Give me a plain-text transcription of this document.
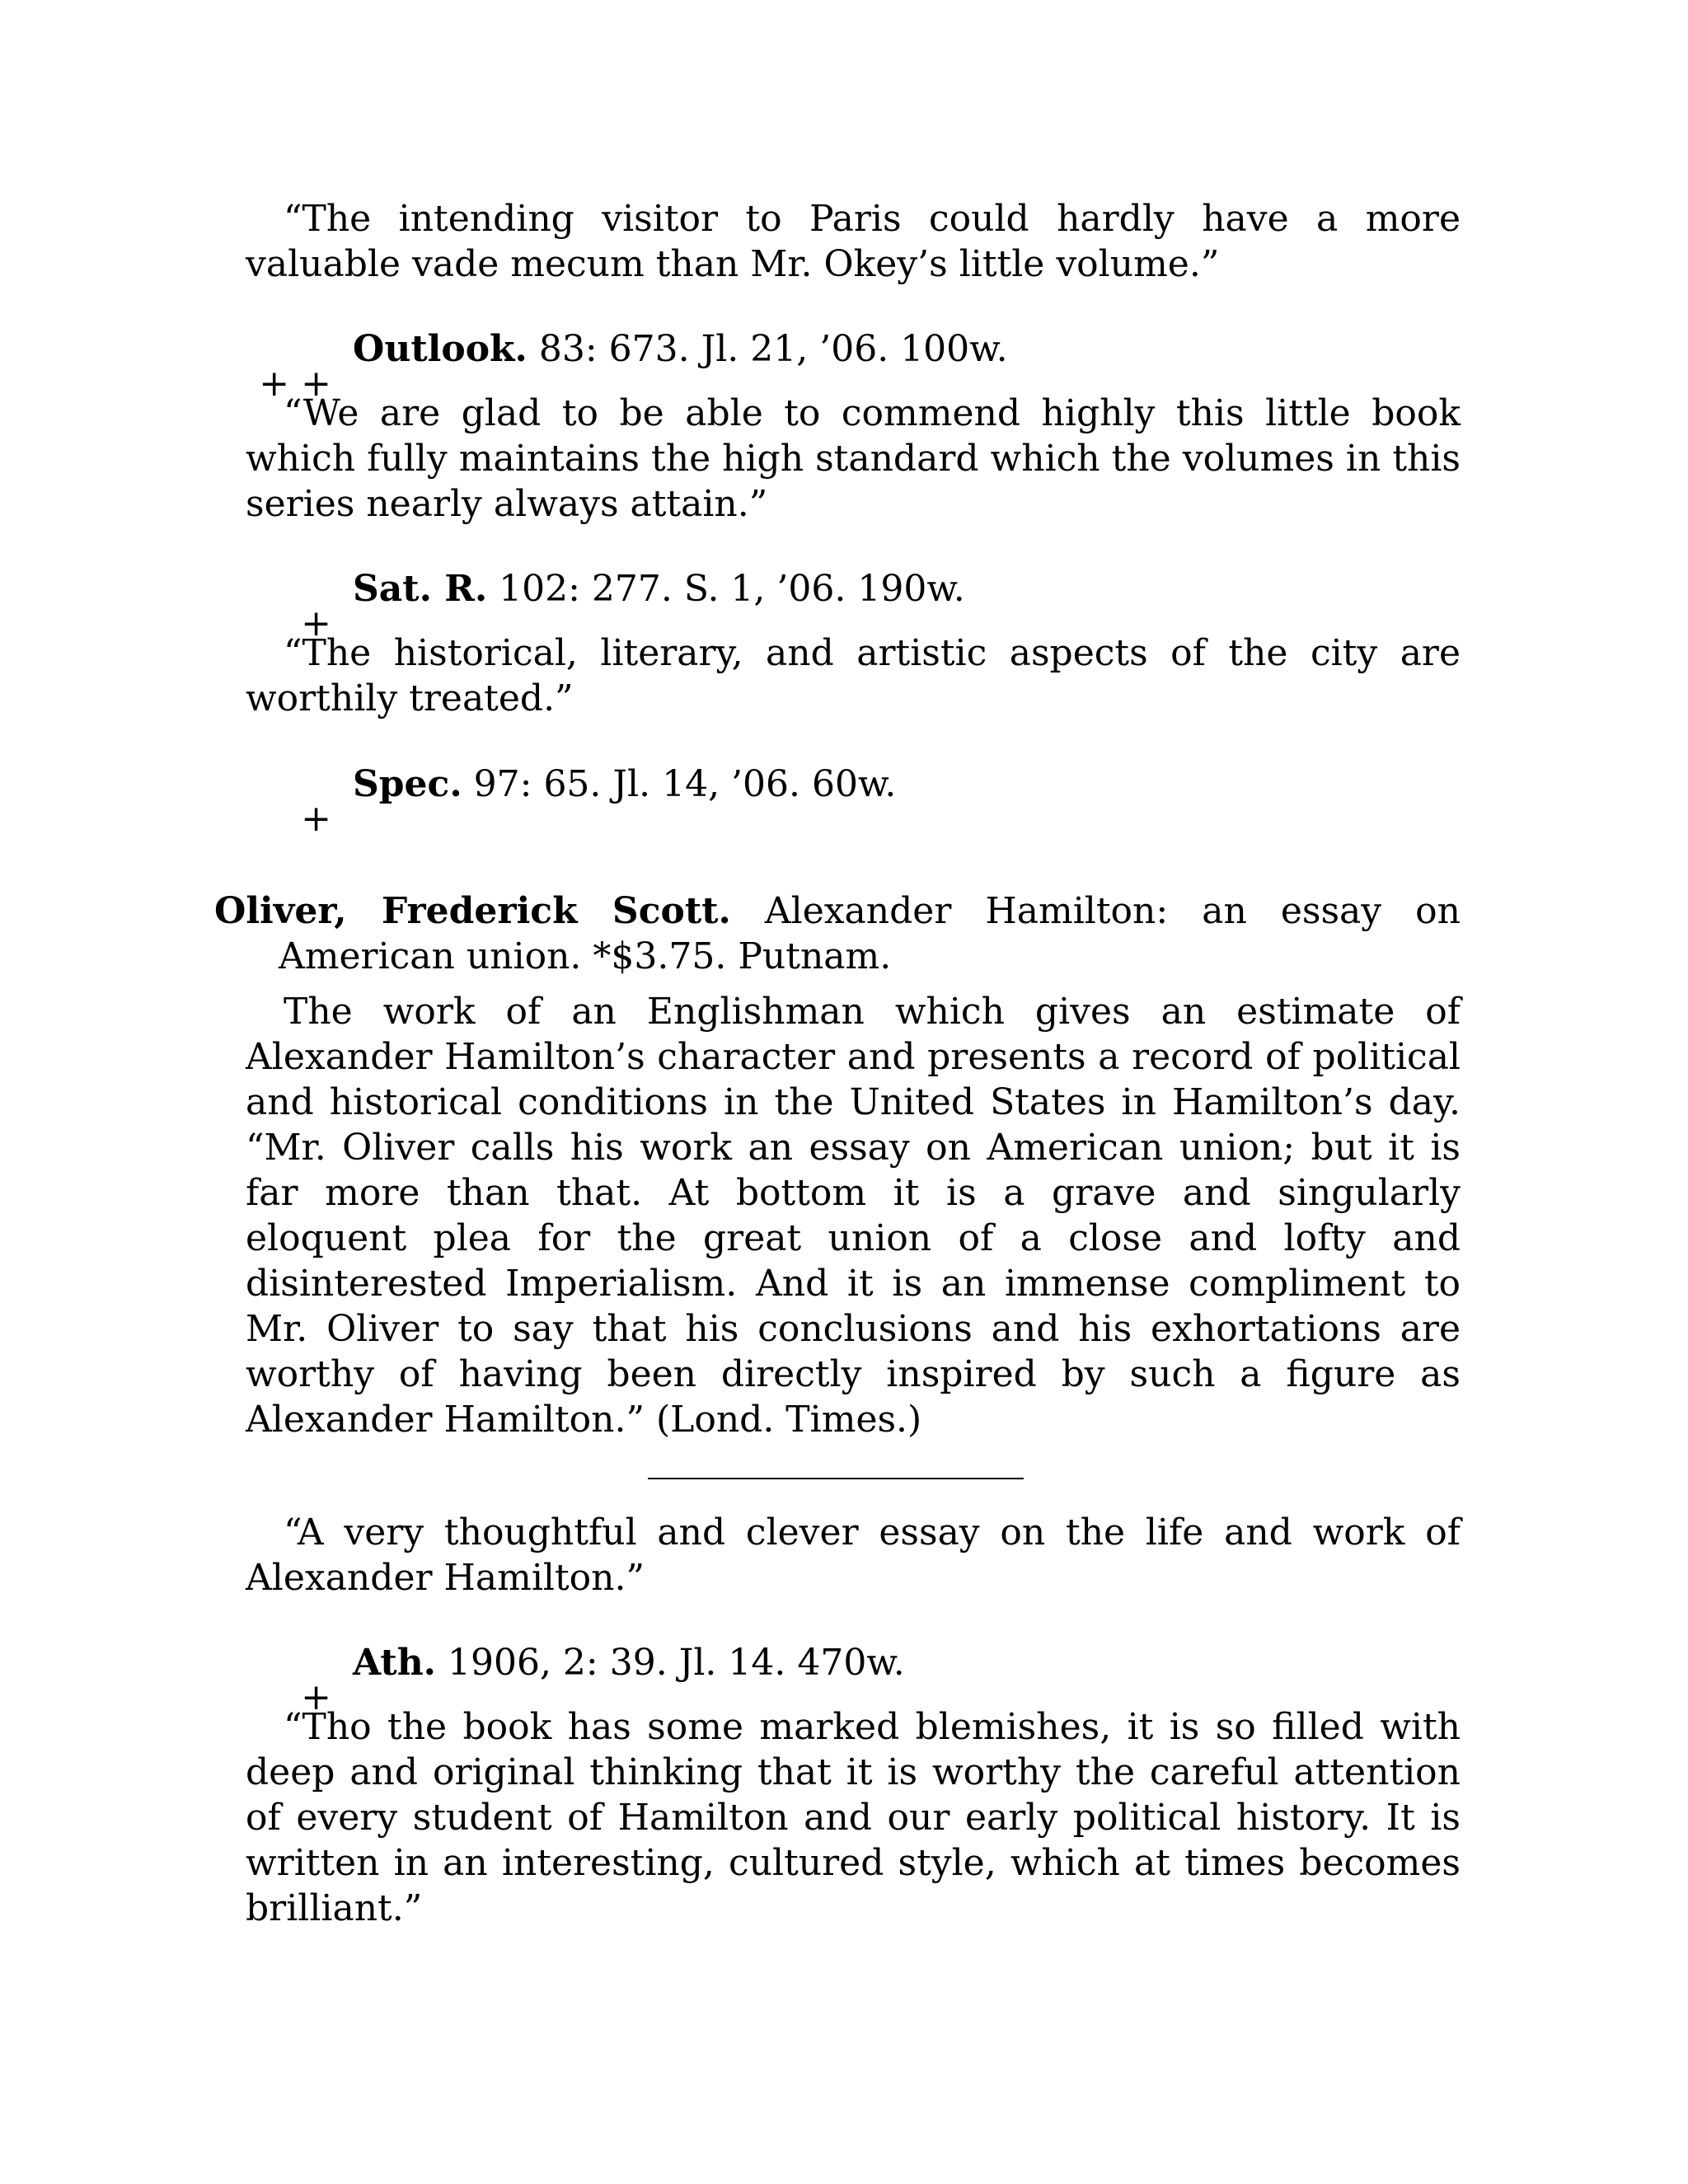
“The intending visitor to Paris could hardly have a more valuable vade mecum than Mr. Okey’s little volume.”

+ +
Outlook. 83: 673. Jl. 21, ’06. 100w.

“We are glad to be able to commend highly this little book which fully maintains the high standard which the volumes in this series nearly always attain.”

+
Sat. R. 102: 277. S. 1, ’06. 190w.

“The historical, literary, and artistic aspects of the city are worthily treated.”

+
Spec. 97: 65. Jl. 14, ’06. 60w.

Oliver, Frederick Scott. Alexander Hamilton: an essay on American union. *$3.75. Putnam.

The work of an Englishman which gives an estimate of Alexander Hamilton’s character and presents a record of political and historical conditions in the United States in Hamilton’s day. “Mr. Oliver calls his work an essay on American union; but it is far more than that. At bottom it is a grave and singularly eloquent plea for the great union of a close and lofty and disinterested Imperialism. And it is an immense compliment to Mr. Oliver to say that his conclusions and his exhortations are worthy of having been directly inspired by such a figure as Alexander Hamilton.” (Lond. Times.)

“A very thoughtful and clever essay on the life and work of Alexander Hamilton.”

+
Ath. 1906, 2: 39. Jl. 14. 470w.

“Tho the book has some marked blemishes, it is so filled with deep and original thinking that it is worthy the careful attention of every student of Hamilton and our early political history. It is written in an interesting, cultured style, which at times becomes brilliant.”
